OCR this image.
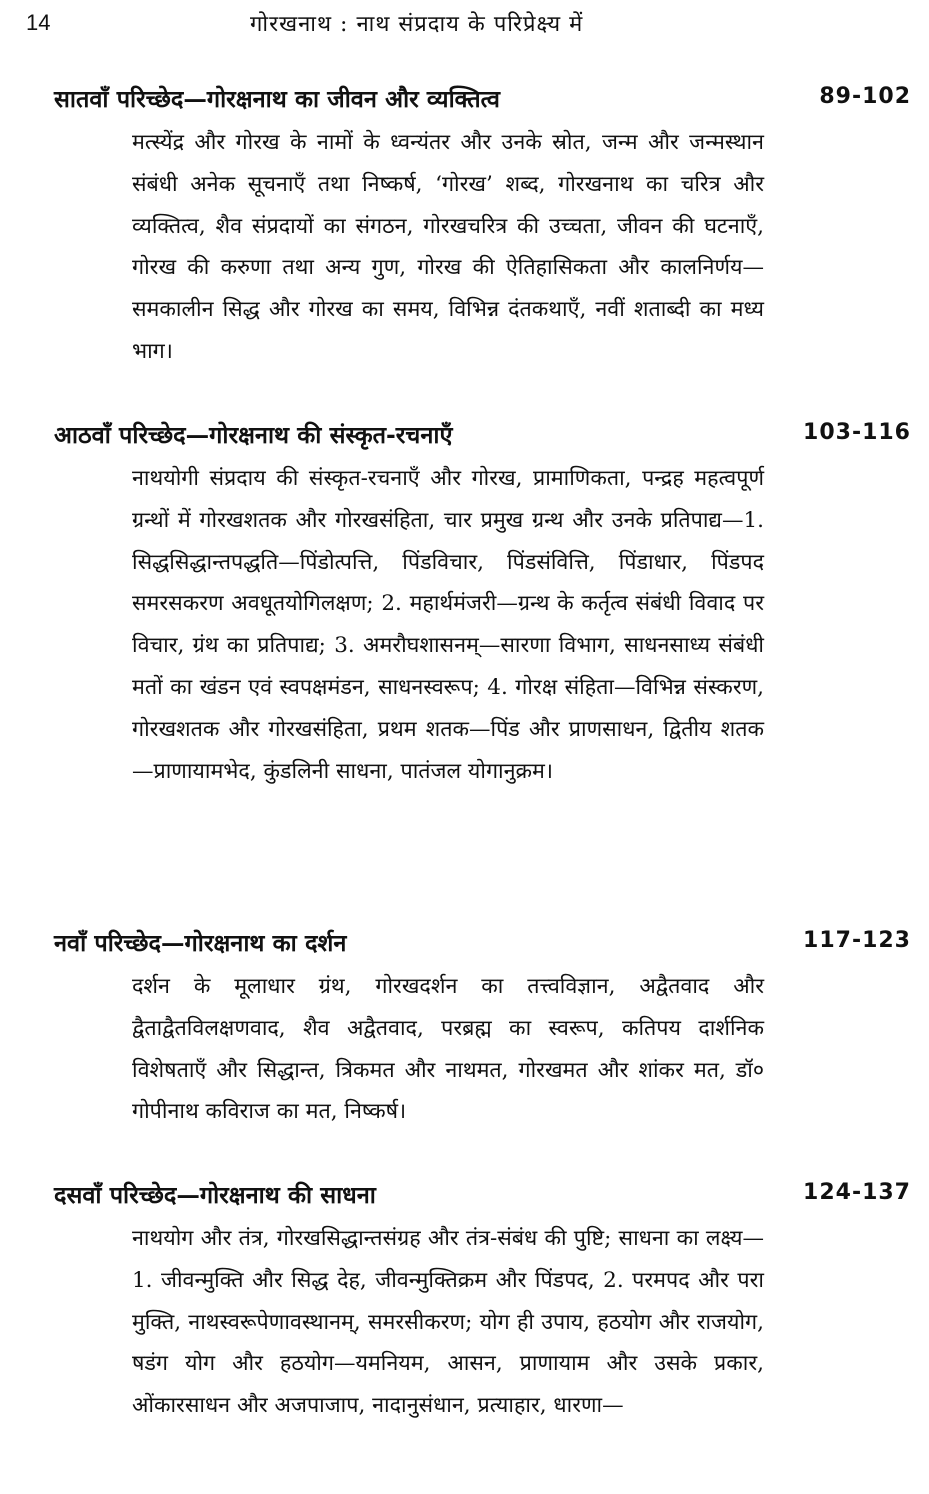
14	गोरखनाथ : नाथ संप्रदाय के परिप्रेक्ष्य में
सातवाँ परिच्छेद—गोरक्षनाथ का जीवन और व्यक्तित्व	89-102

मत्स्येंद्र और गोरख के नामों के ध्वन्यंतर और उनके स्रोत, जन्म और जन्मस्थान संबंधी अनेक सूचनाएँ तथा निष्कर्ष, ‘गोरख’ शब्द, गोरखनाथ का चरित्र और व्यक्तित्व, शैव संप्रदायों का संगठन, गोरखचरित्र की उच्चता, जीवन की घटनाएँ, गोरख की करुणा तथा अन्य गुण, गोरख की ऐतिहासिकता और कालनिर्णय—समकालीन सिद्ध और गोरख का समय, विभिन्न दंतकथाएँ, नवीं शताब्दी का मध्य भाग।

आठवाँ परिच्छेद—गोरक्षनाथ की संस्कृत-रचनाएँ	103-116

नाथयोगी संप्रदाय की संस्कृत-रचनाएँ और गोरख, प्रामाणिकता, पन्द्रह महत्वपूर्ण ग्रन्थों में गोरखशतक और गोरखसंहिता, चार प्रमुख ग्रन्थ और उनके प्रतिपाद्य—1. सिद्धसिद्धान्तपद्धति—पिंडोत्पत्ति, पिंडविचार, पिंडसंवित्ति, पिंडाधार, पिंडपद समरसकरण अवधूतयोगिलक्षण; 2. महार्थमंजरी—ग्रन्थ के कर्तृत्व संबंधी विवाद पर विचार, ग्रंथ का प्रतिपाद्य; 3. अमरौघशासनम्—सारणा विभाग, साधनसाध्य संबंधी मतों का खंडन एवं स्वपक्षमंडन, साधनस्वरूप; 4. गोरक्ष संहिता—विभिन्न संस्करण, गोरखशतक और गोरखसंहिता, प्रथम शतक—पिंड और प्राणसाधन, द्वितीय शतक—प्राणायामभेद, कुंडलिनी साधना, पातंजल योगानुक्रम।

नवाँ परिच्छेद—गोरक्षनाथ का दर्शन	117-123

दर्शन के मूलाधार ग्रंथ, गोरखदर्शन का तत्त्वविज्ञान, अद्वैतवाद और द्वैताद्वैतविलक्षणवाद, शैव अद्वैतवाद, परब्रह्म का स्वरूप, कतिपय दार्शनिक विशेषताएँ और सिद्धान्त, त्रिकमत और नाथमत, गोरखमत और शांकर मत, डॉ० गोपीनाथ कविराज का मत, निष्कर्ष।

दसवाँ परिच्छेद—गोरक्षनाथ की साधना	124-137

नाथयोग और तंत्र, गोरखसिद्धान्तसंग्रह और तंत्र-संबंध की पुष्टि; साधना का लक्ष्य—1. जीवन्मुक्ति और सिद्ध देह, जीवन्मुक्तिक्रम और पिंडपद, 2. परमपद और परा मुक्ति, नाथस्वरूपेणावस्थानम्, समरसीकरण; योग ही उपाय, हठयोग और राजयोग, षडंग योग और हठयोग—यमनियम, आसन, प्राणायाम और उसके प्रकार, ओंकारसाधन और अजपाजाप, नादानुसंधान, प्रत्याहार, धारणा—
